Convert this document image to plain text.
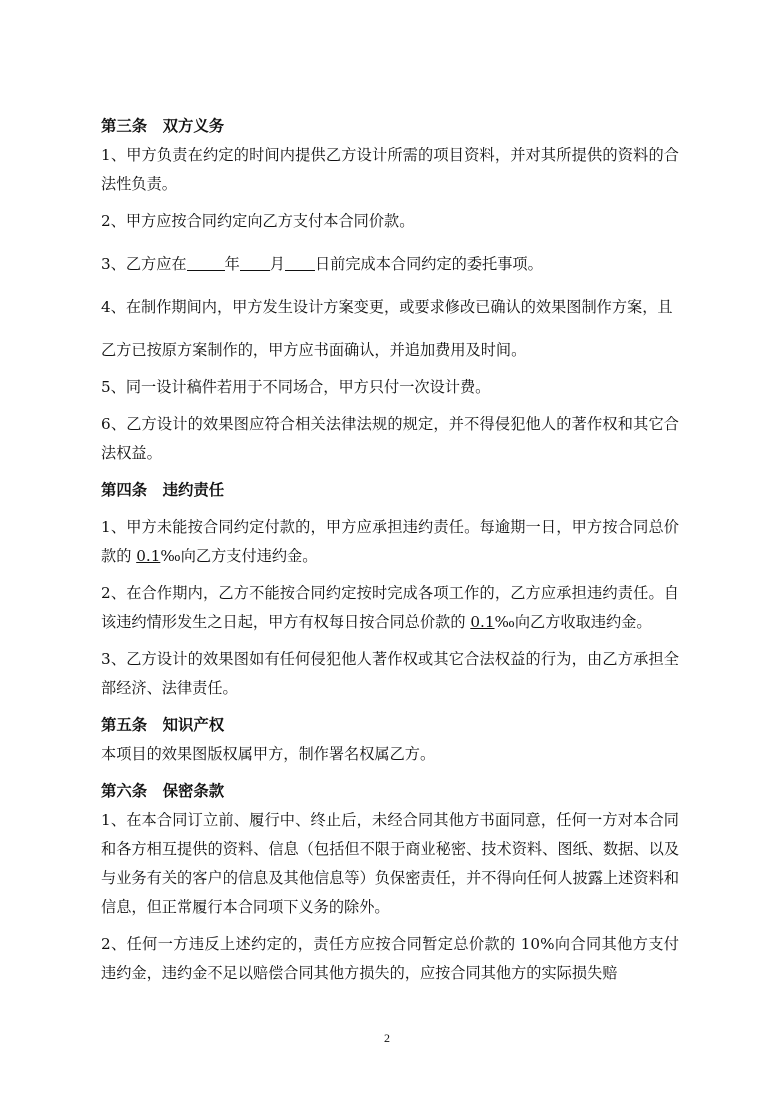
第三条　双方义务

1、甲方负责在约定的时间内提供乙方设计所需的项目资料，并对其所提供的资料的合法性负责。

2、甲方应按合同约定向乙方支付本合同价款。

3、乙方应在	年 月 日前完成本合同约定的委托事项。

4、在制作期间内，甲方发生设计方案变更，或要求修改已确认的效果图制作方案，且

乙方已按原方案制作的，甲方应书面确认，并追加费用及时间。

5、同一设计稿件若用于不同场合，甲方只付一次设计费。

6、乙方设计的效果图应符合相关法律法规的规定，并不得侵犯他人的著作权和其它合法权益。

第四条　违约责任

1、甲方未能按合同约定付款的，甲方应承担违约责任。每逾期一日，甲方按合同总价款的 0.1‰向乙方支付违约金。

2、在合作期内，乙方不能按合同约定按时完成各项工作的，乙方应承担违约责任。自该违约情形发生之日起，甲方有权每日按合同总价款的 0.1‰向乙方收取违约金。

3、乙方设计的效果图如有任何侵犯他人著作权或其它合法权益的行为，由乙方承担全部经济、法律责任。

第五条　知识产权

本项目的效果图版权属甲方，制作署名权属乙方。

第六条　保密条款

1、在本合同订立前、履行中、终止后，未经合同其他方书面同意，任何一方对本合同和各方相互提供的资料、信息（包括但不限于商业秘密、技术资料、图纸、数据、以及与业务有关的客户的信息及其他信息等）负保密责任，并不得向任何人披露上述资料和信息，但正常履行本合同项下义务的除外。

2、任何一方违反上述约定的，责任方应按合同暂定总价款的 10%向合同其他方支付违约金，违约金不足以赔偿合同其他方损失的，应按合同其他方的实际损失赔

2
